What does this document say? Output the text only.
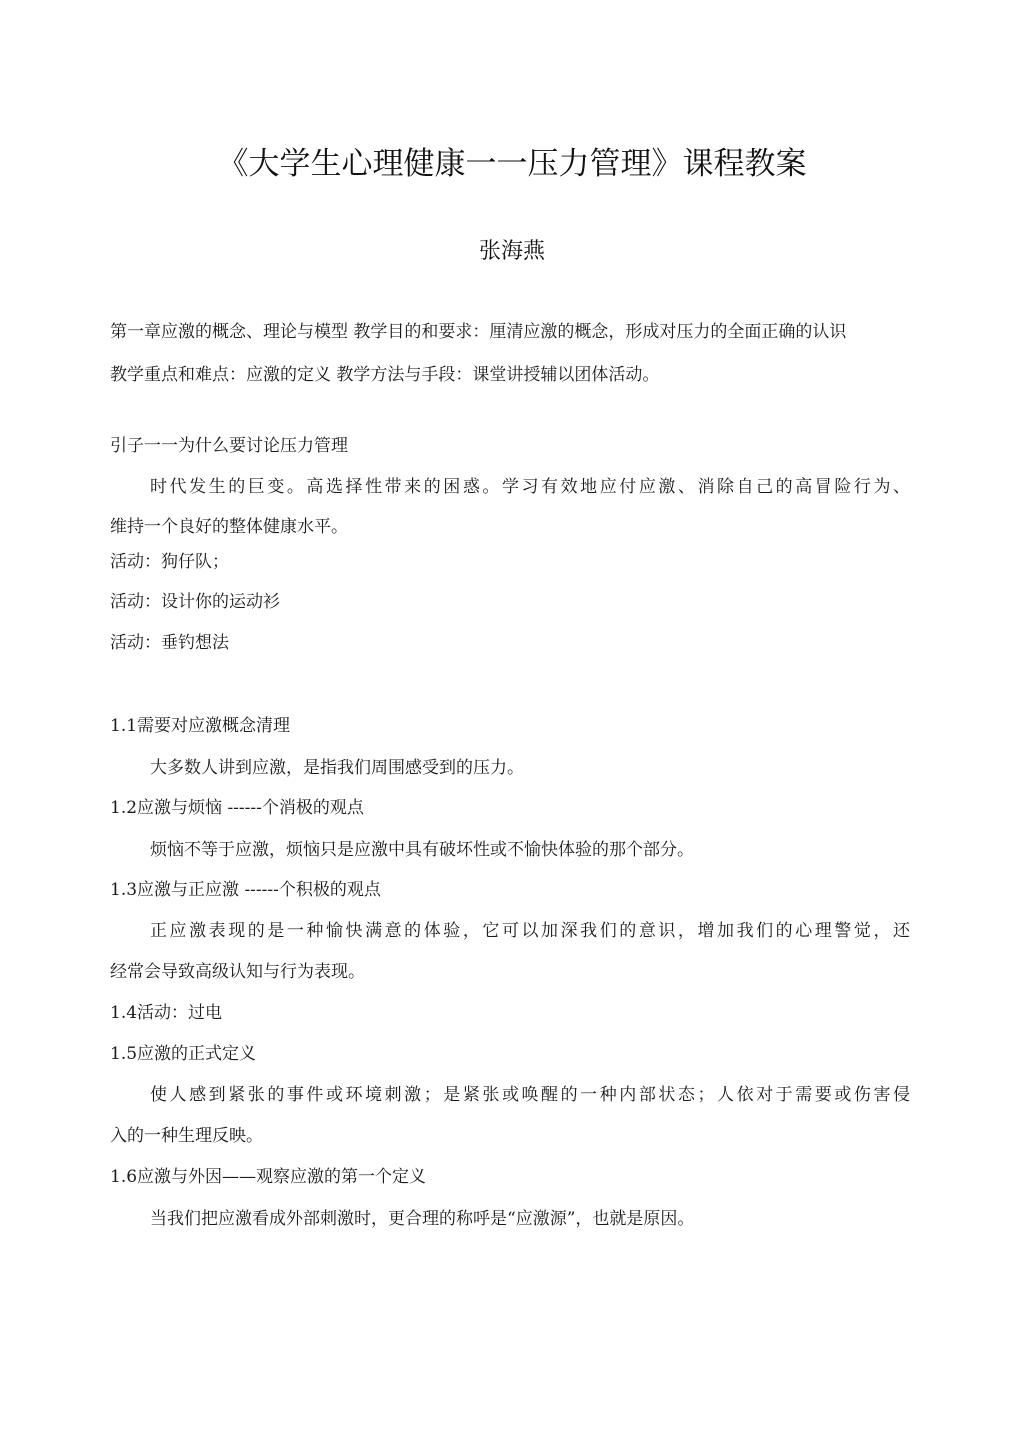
《大学生心理健康一一压力管理》课程教案
张海燕
第一章应激的概念、理论与模型 教学目的和要求：厘清应激的概念，形成对压力的全面正确的认识
教学重点和难点：应激的定义 教学方法与手段：课堂讲授辅以团体活动。
引子一一为什么要讨论压力管理
时代发生的巨变。高选择性带来的困惑。学习有效地应付应激、消除自己的高冒险行为、
维持一个良好的整体健康水平。
活动：狗仔队；
活动：设计你的运动衫
活动：垂钓想法
1.1需要对应激概念清理
大多数人讲到应激，是指我们周围感受到的压力。
1.2应激与烦恼 ------个消极的观点
烦恼不等于应激，烦恼只是应激中具有破坏性或不愉快体验的那个部分。
1.3应激与正应激 ------个积极的观点
正应激表现的是一种愉快满意的体验，它可以加深我们的意识，增加我们的心理警觉，还
经常会导致高级认知与行为表现。
1.4活动：过电
1.5应激的正式定义
使人感到紧张的事件或环境刺激；是紧张或唤醒的一种内部状态；人依对于需要或伤害侵
入的一种生理反映。
1.6应激与外因——观察应激的第一个定义
当我们把应激看成外部刺激时，更合理的称呼是“应激源”，也就是原因。
